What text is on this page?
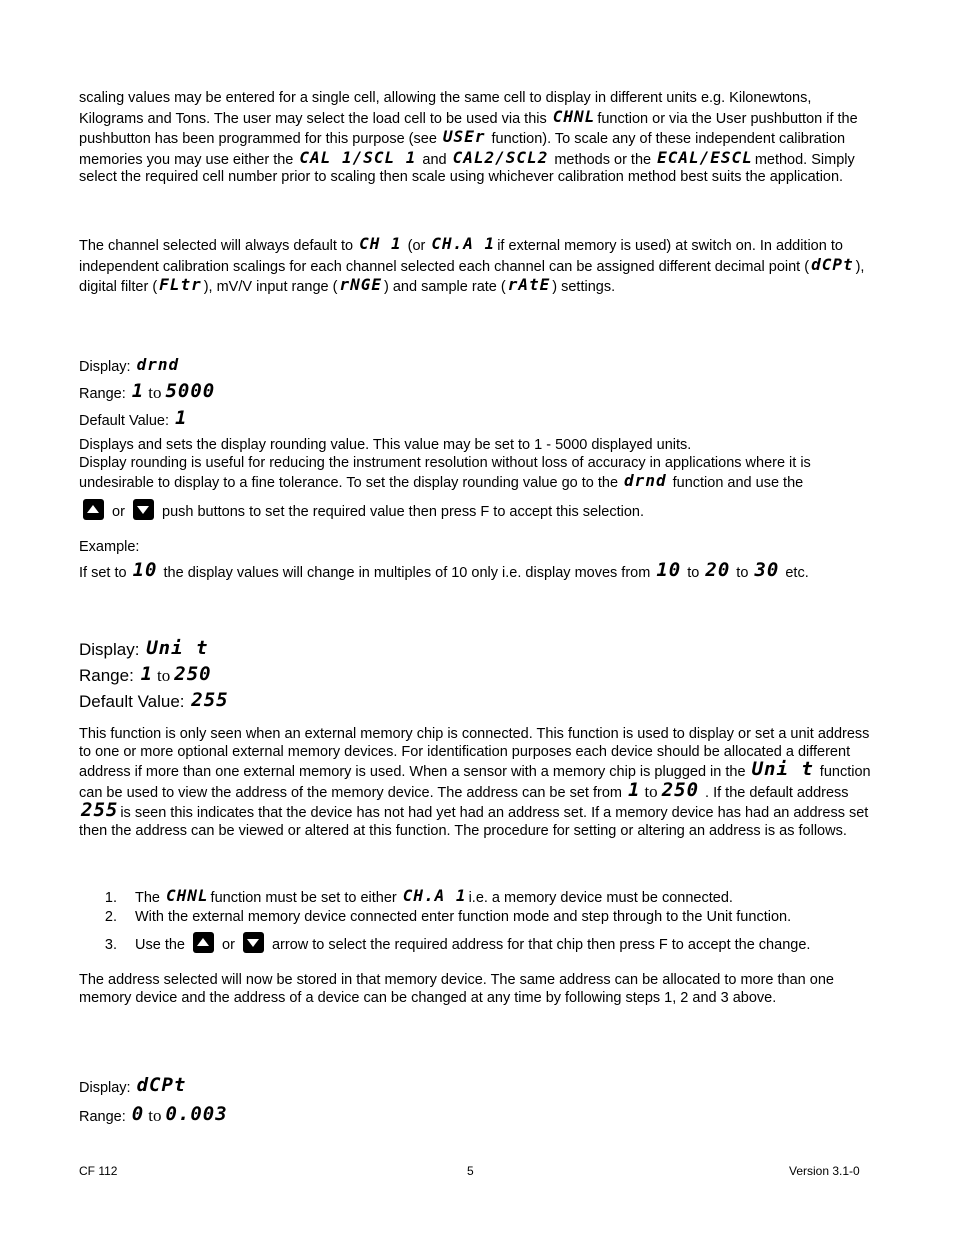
scaling values may be entered for a single cell, allowing the same cell to display in different units e.g. Kilonewtons, Kilograms and Tons. The user may select the load cell to be used via this CHNL function or via the User pushbutton if the pushbutton has been programmed for this purpose (see USEr function). To scale any of these independent calibration memories you may use either the CAL 1/SCL 1 and CAL2/SCL2 methods or the ECAL/ESCL method. Simply select the required cell number prior to scaling then scale using whichever calibration method best suits the application.
The channel selected will always default to CH 1 (or CH.A 1 if external memory is used) at switch on. In addition to independent calibration scalings for each channel selected each channel can be assigned different decimal point ( dCPt ), digital filter ( FLtr ), mV/V input range ( rNGE ) and sample rate ( rAtE ) settings.
Display: drnd
Range: 1 to 5000
Default Value: 1
Displays and sets the display rounding value. This value may be set to 1 - 5000 displayed units.
Display rounding is useful for reducing the instrument resolution without loss of accuracy in applications where it is undesirable to display to a fine tolerance. To set the display rounding value go to the drnd function and use the
or	push buttons to set the required value then press F to accept this selection.
Example:
If set to 10 the display values will change in multiples of 10 only i.e. display moves from 10 to 20 to 30 etc.
Display: Uni t
Range: 1 to 250
Default Value: 255
This function is only seen when an external memory chip is connected. This function is used to display or set a unit address to one or more optional external memory devices. For identification purposes each device should be allocated a different address if more than one external memory is used. When a sensor with a memory chip is plugged in the Uni t function can be used to view the address of the memory device. The address can be set from 1 to 250 . If the default address 255 is seen this indicates that the device has not had yet had an address set. If a memory device has had an address set then the address can be viewed or altered at this function. The procedure for setting or altering an address is as follows.
1. The CHNL function must be set to either CH.A 1 i.e. a memory device must be connected.
2. With the external memory device connected enter function mode and step through to the Unit function.
3. Use the  or  arrow to select the required address for that chip then press F to accept the change.
The address selected will now be stored in that memory device. The same address can be allocated to more than one memory device and the address of a device can be changed at any time by following steps 1, 2 and 3 above.
Display: dCPt
Range: 0 to 0.003
CF 112	5	Version 3.1-0
